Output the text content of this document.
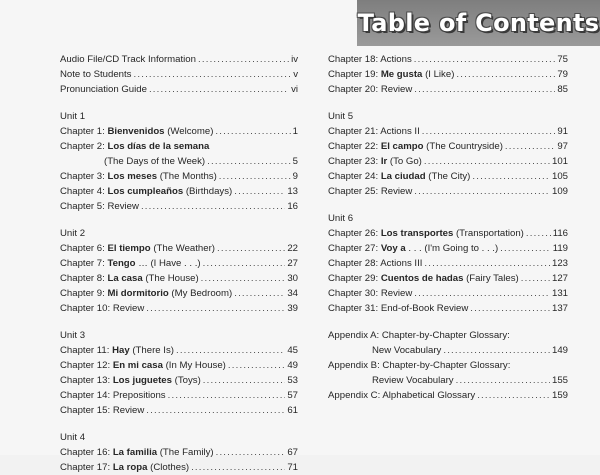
Table of Contents
Audio File/CD Track Information .....	iv
Note to Students .....	v
Pronunciation Guide .....	vi
Unit 1
Chapter 1: Bienvenidos (Welcome) .....	1
Chapter 2: Los días de la semana
(The Days of the Week) .....	5
Chapter 3: Los meses (The Months) .....	9
Chapter 4: Los cumpleaños (Birthdays) .....	13
Chapter 5: Review .....	16
Unit 2
Chapter 6: El tiempo (The Weather) .....	22
Chapter 7: Tengo … (I Have . . .) .....	27
Chapter 8: La casa (The House) .....	30
Chapter 9: Mi dormitorio (My Bedroom) .....	34
Chapter 10: Review .....	39
Unit 3
Chapter 11: Hay (There Is) .....	45
Chapter 12: En mi casa (In My House) .....	49
Chapter 13: Los juguetes (Toys) .....	53
Chapter 14: Prepositions .....	57
Chapter 15: Review .....	61
Unit 4
Chapter 16: La familia (The Family) .....	67
Chapter 17: La ropa (Clothes) .....	71
Chapter 18: Actions .....	75
Chapter 19: Me gusta (I Like) .....	79
Chapter 20: Review .....	85
Unit 5
Chapter 21: Actions II .....	91
Chapter 22: El campo (The Countryside) .....	97
Chapter 23: Ir (To Go) .....	101
Chapter 24: La ciudad (The City) .....	105
Chapter 25: Review .....	109
Unit 6
Chapter 26: Los transportes (Transportation) .....	116
Chapter 27: Voy a . . . (I'm Going to . . .) .....	119
Chapter 28: Actions III .....	123
Chapter 29: Cuentos de hadas (Fairy Tales) .....	127
Chapter 30: Review .....	131
Chapter 31: End-of-Book Review .....	137
Appendix A: Chapter-by-Chapter Glossary:
New Vocabulary .....	149
Appendix B: Chapter-by-Chapter Glossary:
Review Vocabulary .....	155
Appendix C: Alphabetical Glossary .....	159
